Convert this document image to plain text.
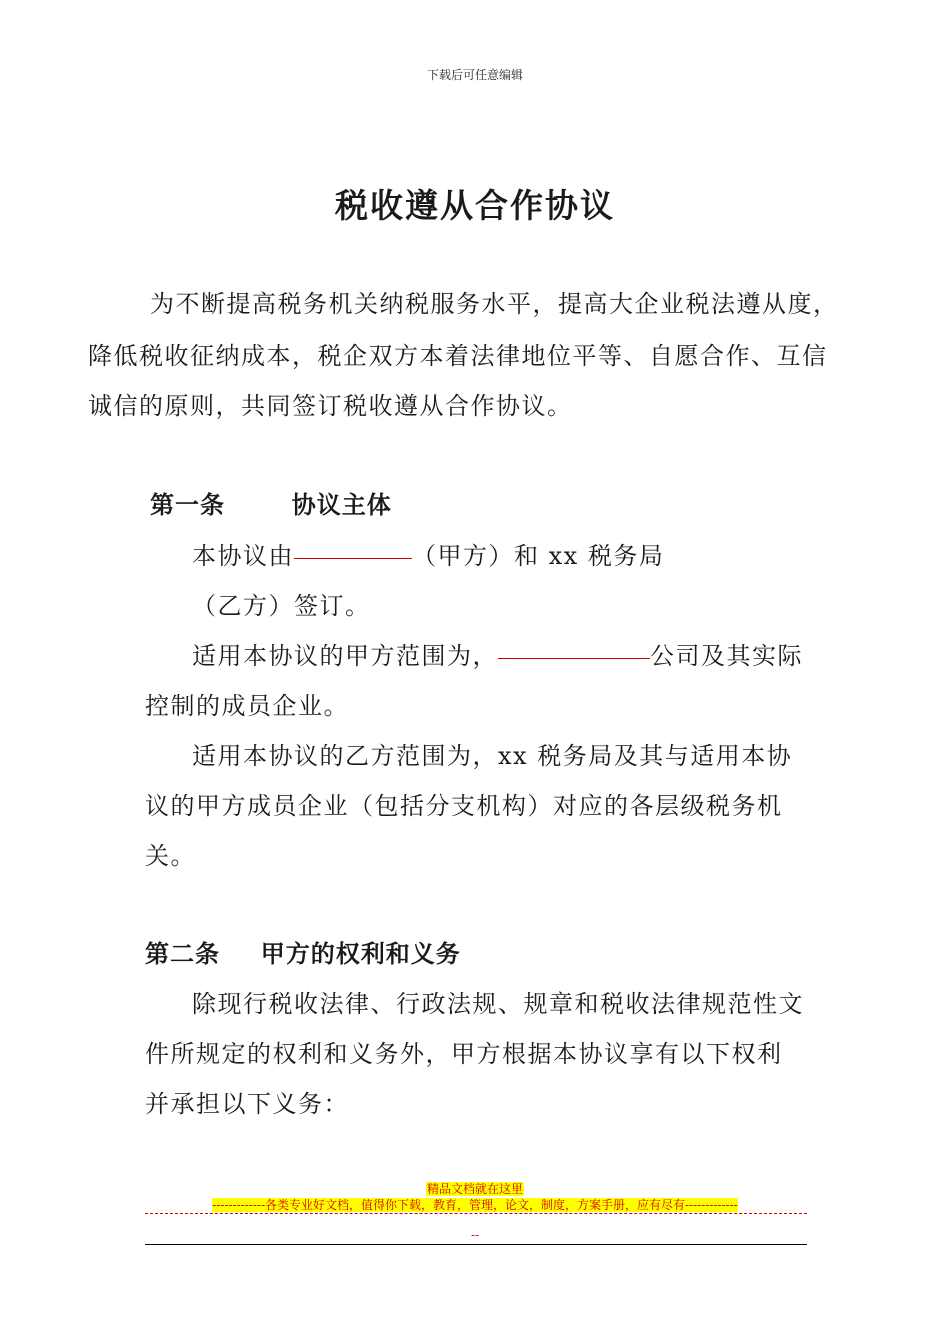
下载后可任意编辑
税收遵从合作协议
为不断提高税务机关纳税服务水平，提高大企业税法遵从度，
降低税收征纳成本，税企双方本着法律地位平等、自愿合作、互信
诚信的原则，共同签订税收遵从合作协议。
第一条	协议主体
本协议由	（甲方）和 xx 税务局
（乙方）签订。
适用本协议的甲方范围为，	公司及其实际
控制的成员企业。
适用本协议的乙方范围为，xx 税务局及其与适用本协
议的甲方成员企业（包括分支机构）对应的各层级税务机
关。
第二条 甲方的权利和义务
除现行税收法律、行政法规、规章和税收法律规范性文
件所规定的权利和义务外，甲方根据本协议享有以下权利
并承担以下义务：
精品文档就在这里
-------------各类专业好文档，值得你下载，教育，管理，论文，制度，方案手册，应有尽有-------------
--
